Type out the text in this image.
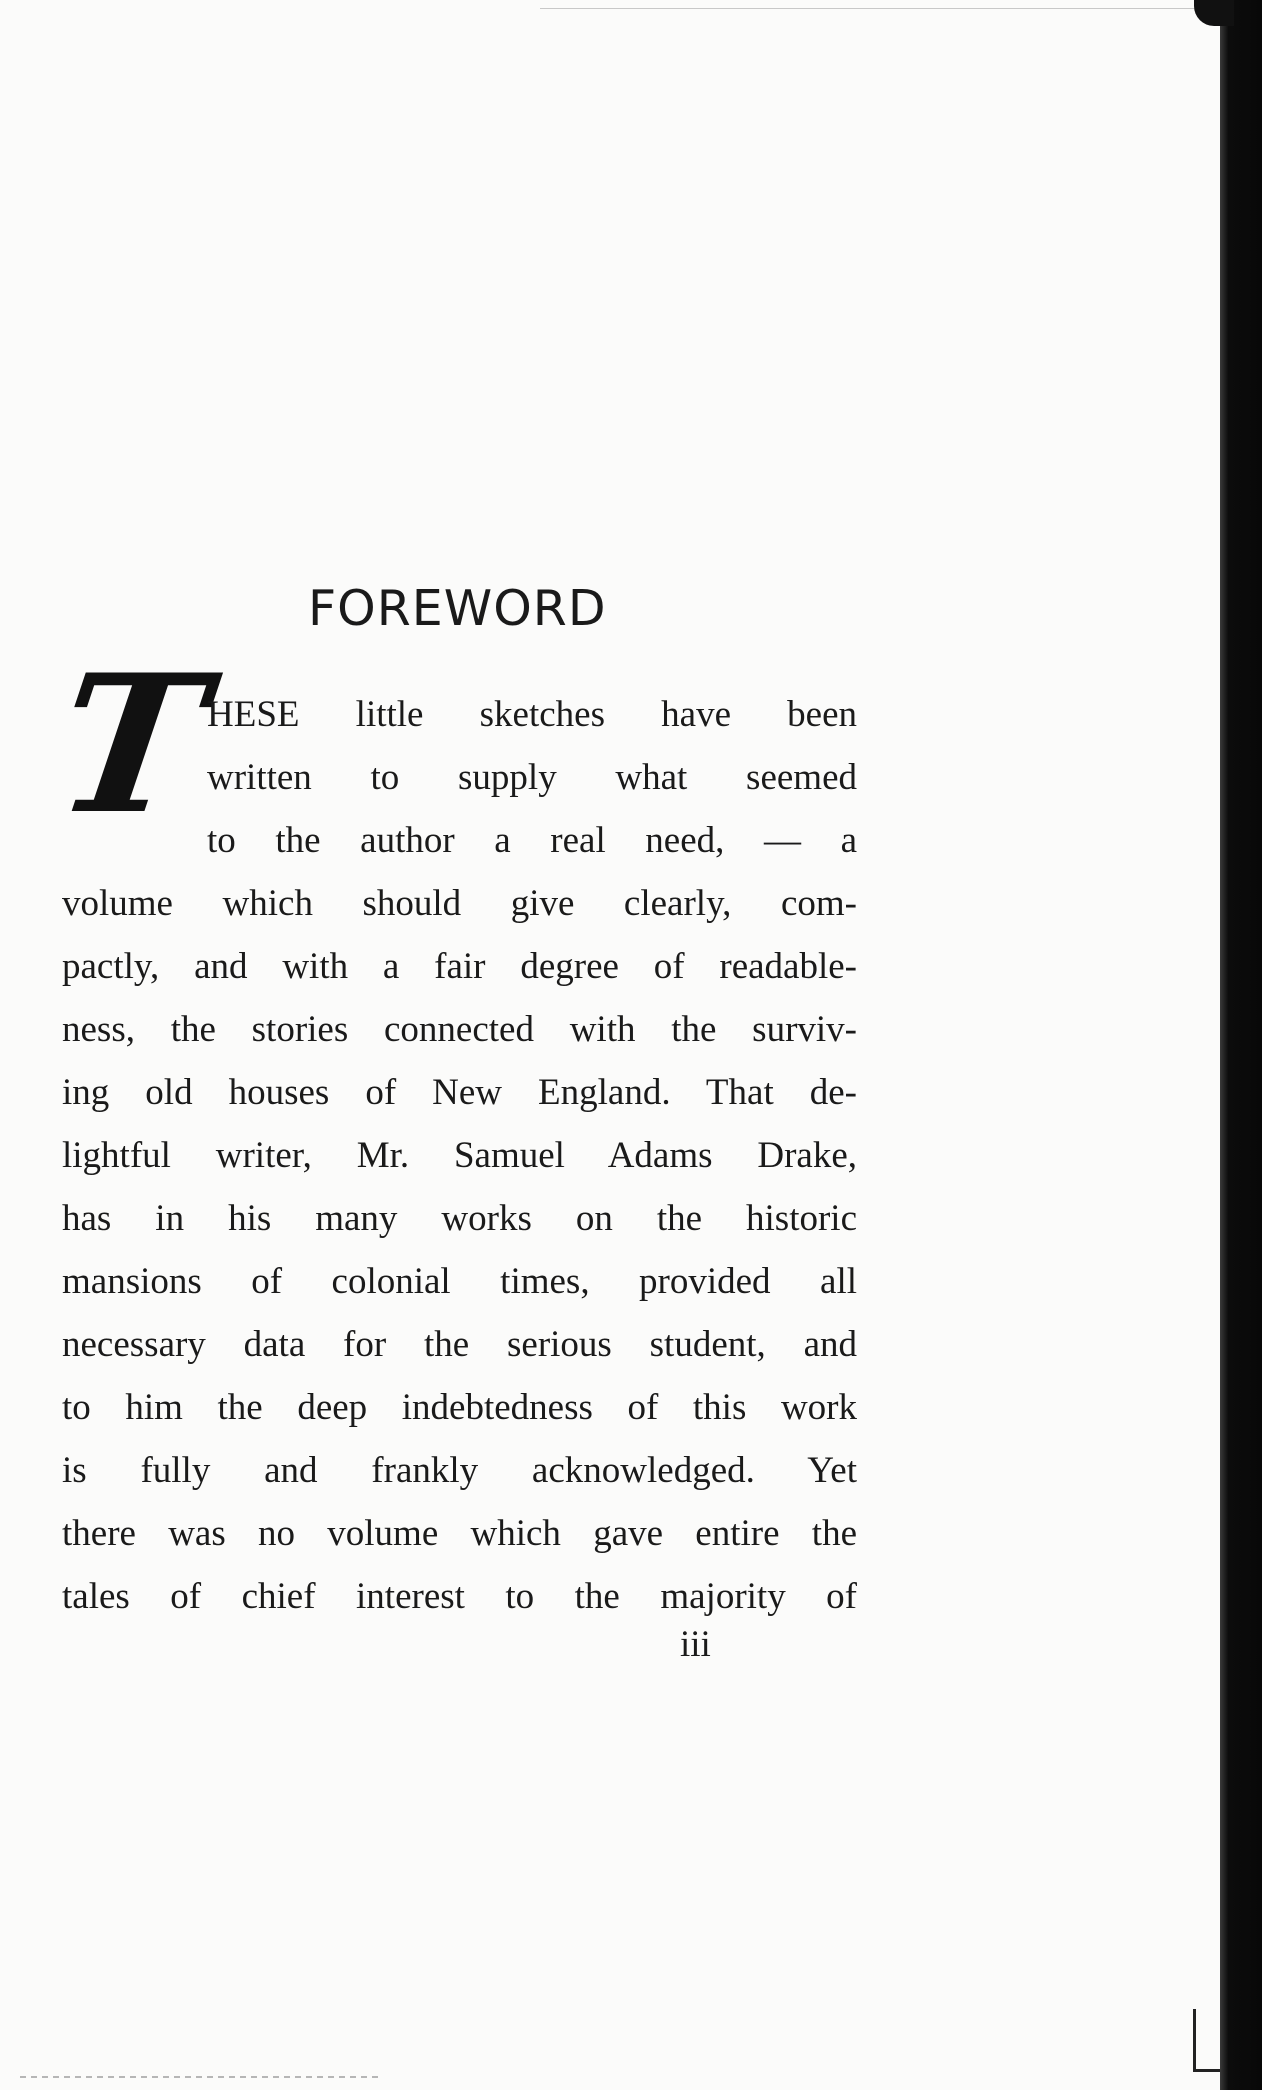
FOREWORD
T
HESE little sketches have been
written to supply what seemed
to the author a real need, — a
volume which should give clearly, com-
pactly, and with a fair degree of readable-
ness, the stories connected with the surviv-
ing old houses of New England. That de-
lightful writer, Mr. Samuel Adams Drake,
has in his many works on the historic
mansions of colonial times, provided all
necessary data for the serious student, and
to him the deep indebtedness of this work
is fully and frankly acknowledged. Yet
there was no volume which gave entire the
tales of chief interest to the majority of
iii
